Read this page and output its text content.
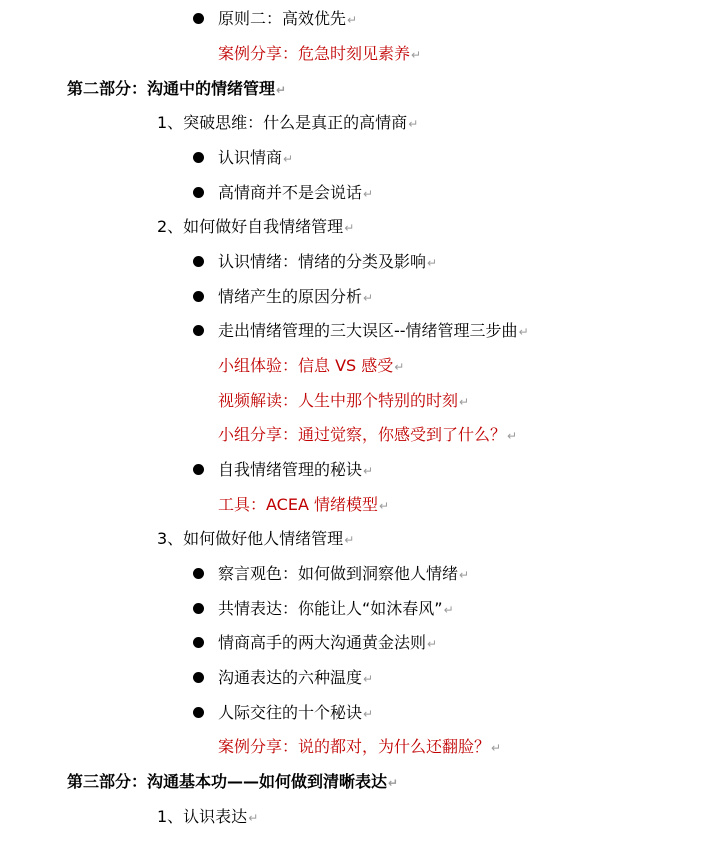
原则二：高效优先↵
案例分享：危急时刻见素养↵
第二部分：沟通中的情绪管理↵
1、突破思维：什么是真正的高情商↵
认识情商↵
高情商并不是会说话↵
2、如何做好自我情绪管理↵
认识情绪：情绪的分类及影响↵
情绪产生的原因分析↵
走出情绪管理的三大误区--情绪管理三步曲↵
小组体验：信息 VS 感受↵
视频解读：人生中那个特别的时刻↵
小组分享：通过觉察，你感受到了什么？↵
自我情绪管理的秘诀↵
工具：ACEA 情绪模型↵
3、如何做好他人情绪管理↵
察言观色：如何做到洞察他人情绪↵
共情表达：你能让人“如沐春风”↵
情商高手的两大沟通黄金法则↵
沟通表达的六种温度↵
人际交往的十个秘诀↵
案例分享：说的都对，为什么还翻脸？↵
第三部分：沟通基本功——如何做到清晰表达↵
1、认识表达↵
